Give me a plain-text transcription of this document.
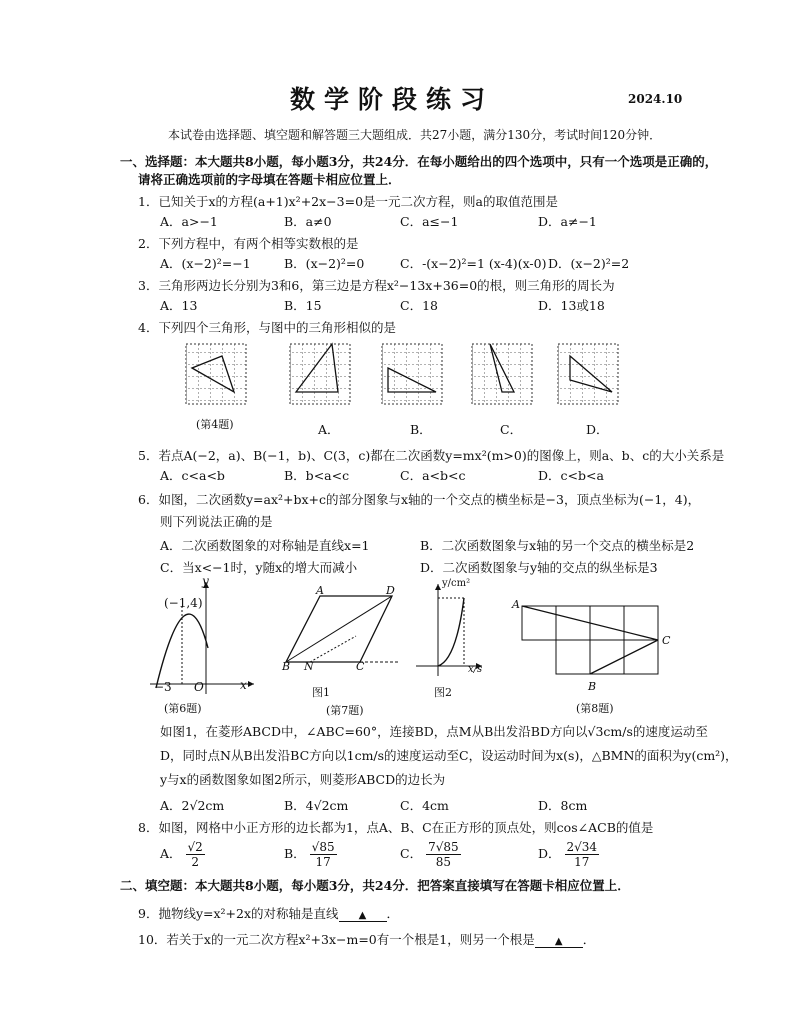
数学阶段练习	2024.10
本试卷由选择题、填空题和解答题三大题组成．共27小题，满分130分，考试时间120分钟．
一、选择题：本大题共8小题，每小题3分，共24分．在每小题给出的四个选项中，只有一个选项是正确的，
请将正确选项前的字母填在答题卡相应位置上．
1．已知关于x的方程(a+1)x²+2x−3=0是一元二次方程，则a的取值范围是
A．a>−1	B．a≠0	C．a≤−1	D．a≠−1
2．下列方程中，有两个相等实数根的是
A．(x−2)²=−1	B．(x−2)²=0	C．-(x−2)²=1 (x-4)(x-0) D．(x−2)²=2
3．三角形两边长分别为3和6，第三边是方程x²−13x+36=0的根，则三角形的周长为
A．13	B．15	C．18	D．13或18
4．下列四个三角形，与图中的三角形相似的是
(第4题)	A．	B．	C．	D．
5．若点A(−2，a)、B(−1，b)、C(3，c)都在二次函数y=mx²(m>0)的图像上，则a、b、c的大小关系是
A．c<a<b	B．b<a<c	C．a<b<c	D．c<b<a
6．如图，二次函数y=ax²+bx+c的部分图象与x轴的一个交点的横坐标是−3，顶点坐标为(−1，4)，
则下列说法正确的是
A．二次函数图象的对称轴是直线x=1	B．二次函数图象与x轴的另一个交点的横坐标是2
C．当x<−1时，y随x的增大而减小	D．二次函数图象与y轴的交点的纵坐标是3
(−1,4)
y
x
−3 O
(第6题)
A	D
B N	C
图1
(第7题)
y/cm²
x/s
图2
A
C
B
(第8题)
如图1，在菱形ABCD中，∠ABC=60°，连接BD，点M从B出发沿BD方向以√3cm/s的速度运动至
D，同时点N从B出发沿BC方向以1cm/s的速度运动至C，设运动时间为x(s)，△BMN的面积为y(cm²)，
y与x的函数图象如图2所示，则菱形ABCD的边长为
A．2√2cm	B．4√2cm	C．4cm	D．8cm
8．如图，网格中小正方形的边长都为1，点A、B、C在正方形的顶点处，则cos∠ACB的值是
A． $\frac{√2}{2}$	B． $\frac{√85}{17}$	C． $\frac{7√85}{85}$	D． $\frac{2√34}{17}$
二、填空题：本大题共8小题，每小题3分，共24分．把答案直接填写在答题卡相应位置上．
9．抛物线y=x²+2x的对称轴是直线 ▲ ．
10．若关于x的一元二次方程x²+3x−m=0有一个根是1，则另一个根是 ▲ ．
